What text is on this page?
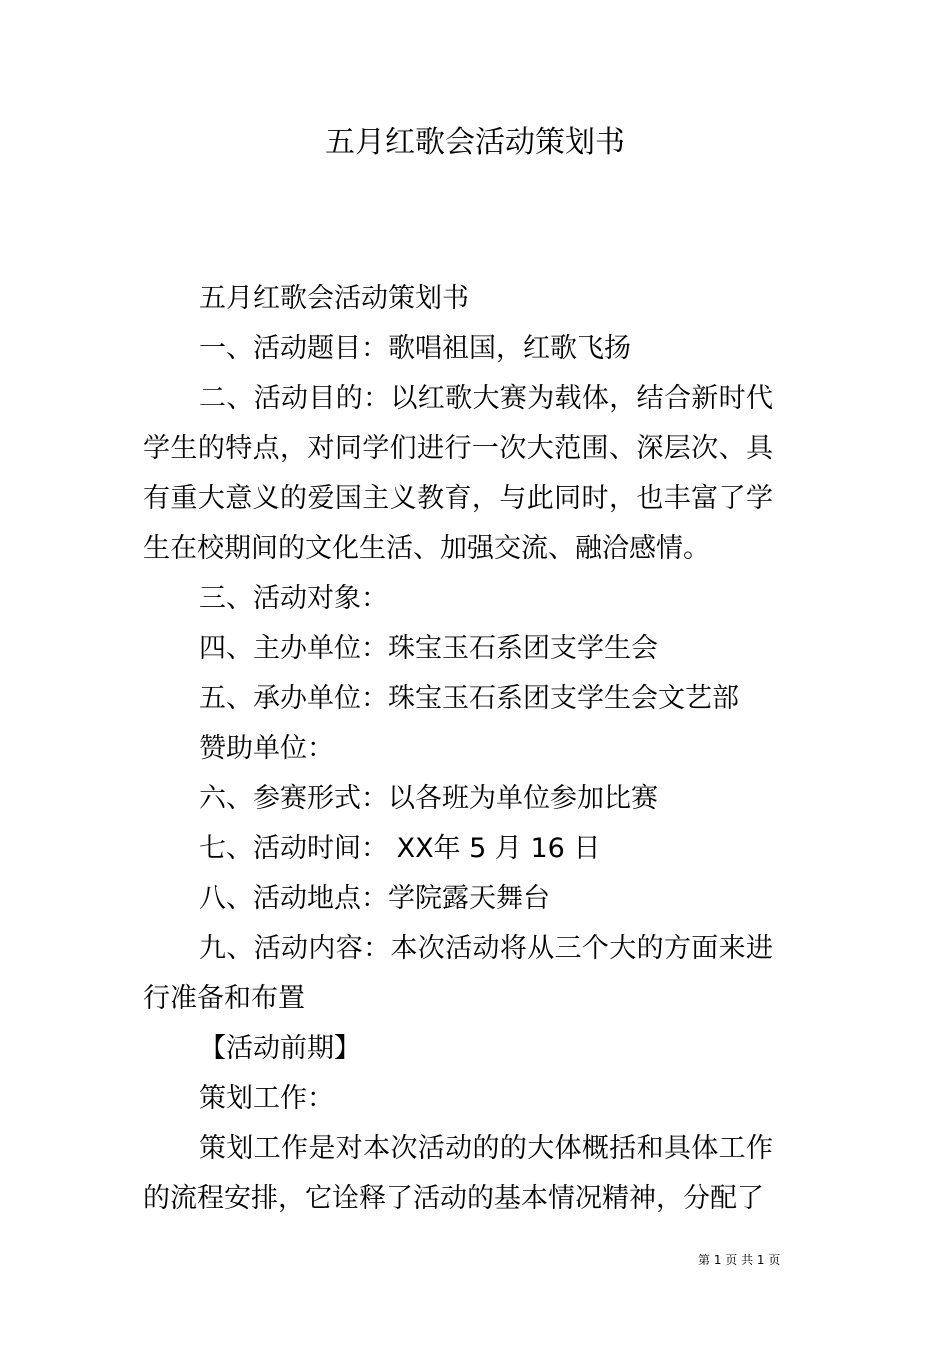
五月红歌会活动策划书

五月红歌会活动策划书

一、活动题目：歌唱祖国，红歌飞扬

二、活动目的：以红歌大赛为载体，结合新时代学生的特点，对同学们进行一次大范围、深层次、具有重大意义的爱国主义教育，与此同时，也丰富了学生在校期间的文化生活、加强交流、融洽感情。

三、活动对象：

四、主办单位：珠宝玉石系团支学生会

五、承办单位：珠宝玉石系团支学生会文艺部

赞助单位：

六、参赛形式：以各班为单位参加比赛

七、活动时间： XX年 5 月 16 日

八、活动地点：学院露天舞台

九、活动内容：本次活动将从三个大的方面来进行准备和布置

【活动前期】

策划工作：

策划工作是对本次活动的的大体概括和具体工作的流程安排，它诠释了活动的基本情况精神，分配了

第 1 页 共 1 页
